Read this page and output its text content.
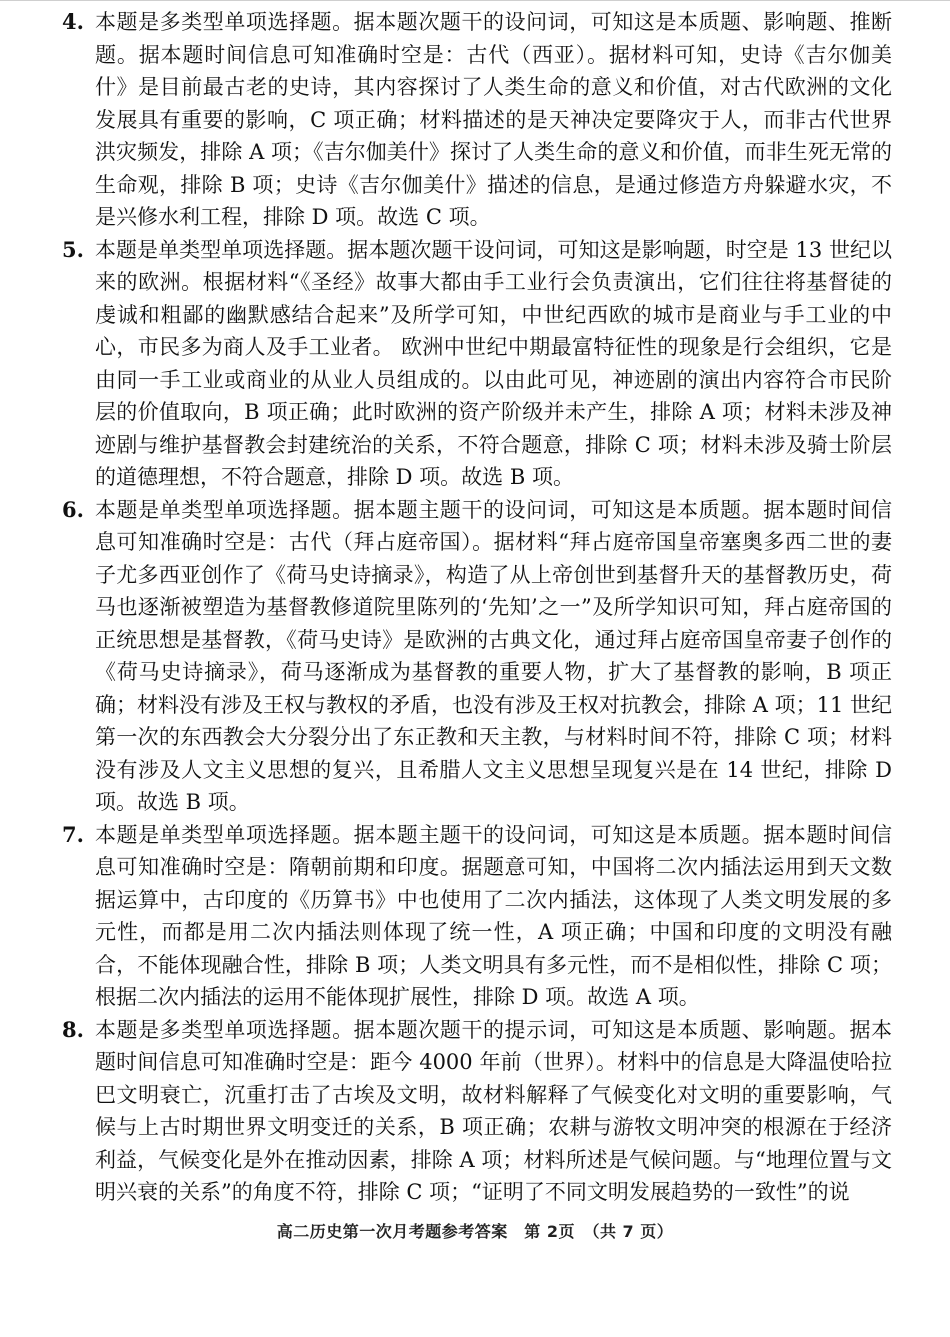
4. 本题是多类型单项选择题。据本题次题干的设问词，可知这是本质题、影响题、推断题。据本题时间信息可知准确时空是：古代（西亚）。据材料可知，史诗《吉尔伽美什》是目前最古老的史诗，其内容探讨了人类生命的意义和价值，对古代欧洲的文化发展具有重要的影响，C 项正确；材料描述的是天神决定要降灾于人，而非古代世界洪灾频发，排除 A 项；《吉尔伽美什》探讨了人类生命的意义和价值，而非生死无常的生命观，排除 B 项；史诗《吉尔伽美什》描述的信息，是通过修造方舟躲避水灾，不是兴修水利工程，排除 D 项。故选 C 项。
5. 本题是单类型单项选择题。据本题次题干设问词，可知这是影响题，时空是 13 世纪以来的欧洲。根据材料“《圣经》故事大都由手工业行会负责演出，它们往往将基督徒的虔诚和粗鄙的幽默感结合起来”及所学可知，中世纪西欧的城市是商业与手工业的中心，市民多为商人及手工业者。 欧洲中世纪中期最富特征性的现象是行会组织，它是由同一手工业或商业的从业人员组成的。以由此可见，神迹剧的演出内容符合市民阶层的价值取向，B 项正确；此时欧洲的资产阶级并未产生，排除 A 项；材料未涉及神迹剧与维护基督教会封建统治的关系，不符合题意，排除 C 项；材料未涉及骑士阶层的道德理想，不符合题意，排除 D 项。故选 B 项。
6. 本题是单类型单项选择题。据本题主题干的设问词，可知这是本质题。据本题时间信息可知准确时空是：古代（拜占庭帝国）。据材料“拜占庭帝国皇帝塞奥多西二世的妻子尤多西亚创作了《荷马史诗摘录》，构造了从上帝创世到基督升天的基督教历史，荷马也逐渐被塑造为基督教修道院里陈列的‘先知’之一”及所学知识可知，拜占庭帝国的正统思想是基督教，《荷马史诗》是欧洲的古典文化，通过拜占庭帝国皇帝妻子创作的《荷马史诗摘录》，荷马逐渐成为基督教的重要人物，扩大了基督教的影响，B 项正确；材料没有涉及王权与教权的矛盾，也没有涉及王权对抗教会，排除 A 项；11 世纪第一次的东西教会大分裂分出了东正教和天主教，与材料时间不符，排除 C 项；材料没有涉及人文主义思想的复兴，且希腊人文主义思想呈现复兴是在 14 世纪，排除 D 项。故选 B 项。
7. 本题是单类型单项选择题。据本题主题干的设问词，可知这是本质题。据本题时间信息可知准确时空是：隋朝前期和印度。据题意可知，中国将二次内插法运用到天文数据运算中，古印度的《历算书》中也使用了二次内插法，这体现了人类文明发展的多元性，而都是用二次内插法则体现了统一性，A 项正确；中国和印度的文明没有融合，不能体现融合性，排除 B 项；人类文明具有多元性，而不是相似性，排除 C 项；根据二次内插法的运用不能体现扩展性，排除 D 项。故选 A 项。
8. 本题是多类型单项选择题。据本题次题干的提示词，可知这是本质题、影响题。据本题时间信息可知准确时空是：距今 4000 年前（世界）。材料中的信息是大降温使哈拉巴文明衰亡，沉重打击了古埃及文明，故材料解释了气候变化对文明的重要影响，气候与上古时期世界文明变迁的关系，B 项正确；农耕与游牧文明冲突的根源在于经济利益，气候变化是外在推动因素，排除 A 项；材料所述是气候问题。与“地理位置与文明兴衰的关系”的角度不符，排除 C 项；“证明了不同文明发展趋势的一致性”的说
高二历史第一次月考题参考答案　第 2页　（共 7 页）
